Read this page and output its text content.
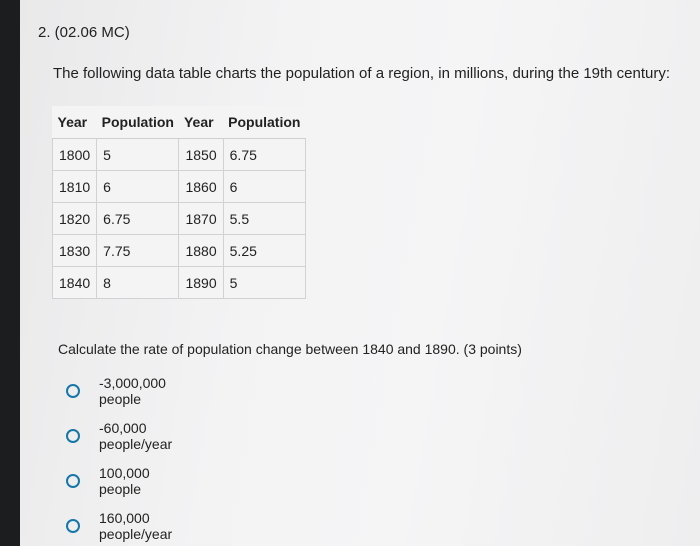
2. (02.06 MC)
The following data table charts the population of a region, in millions, during the 19th century:
Year	Population	Year	Population
1800	5	1850	6.75
1810	6	1860	6
1820	6.75	1870	5.5
1830	7.75	1880	5.25
1840	8	1890	5
Calculate the rate of population change between 1840 and 1890. (3 points)
-3,000,000 people
-60,000 people/year
100,000 people
160,000 people/year
